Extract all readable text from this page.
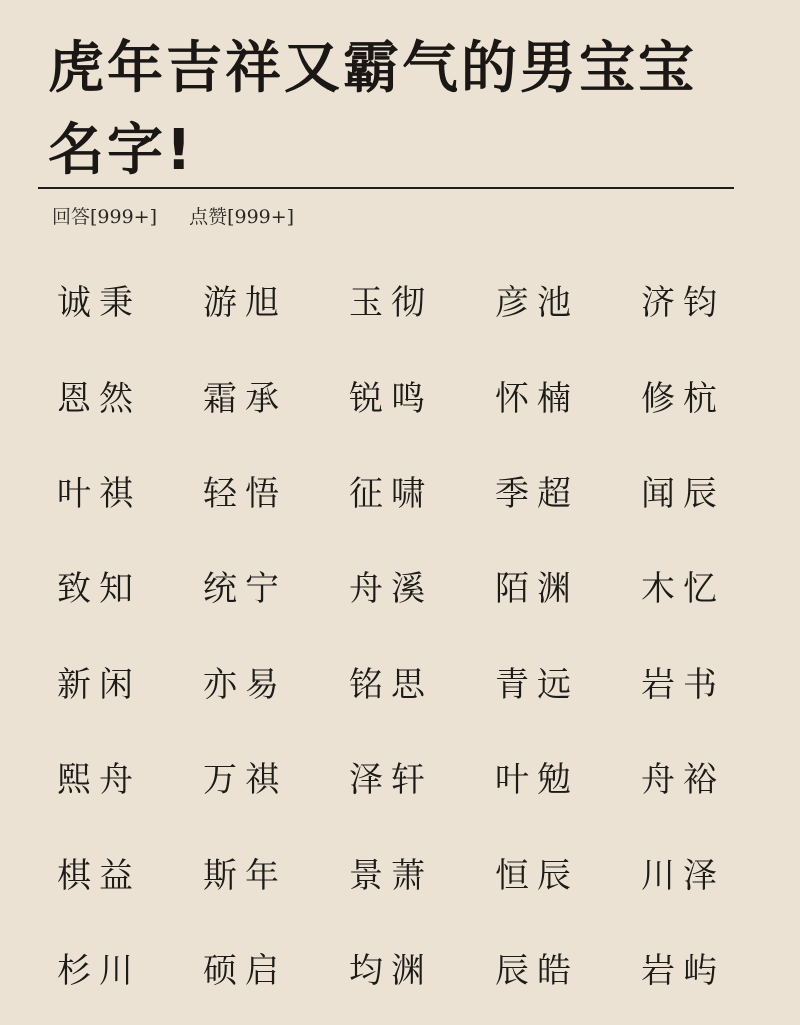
虎年吉祥又霸气的男宝宝名字!
回答[999+] 点赞[999+]
诚秉	游旭	玉彻	彦池	济钧
恩然	霜承	锐鸣	怀楠	修杭
叶祺	轻悟	征啸	季超	闻辰
致知	统宁	舟溪	陌渊	木忆
新闲	亦易	铭思	青远	岩书
熙舟	万祺	泽轩	叶勉	舟裕
棋益	斯年	景萧	恒辰	川泽
杉川	硕启	均渊	辰皓	岩屿
